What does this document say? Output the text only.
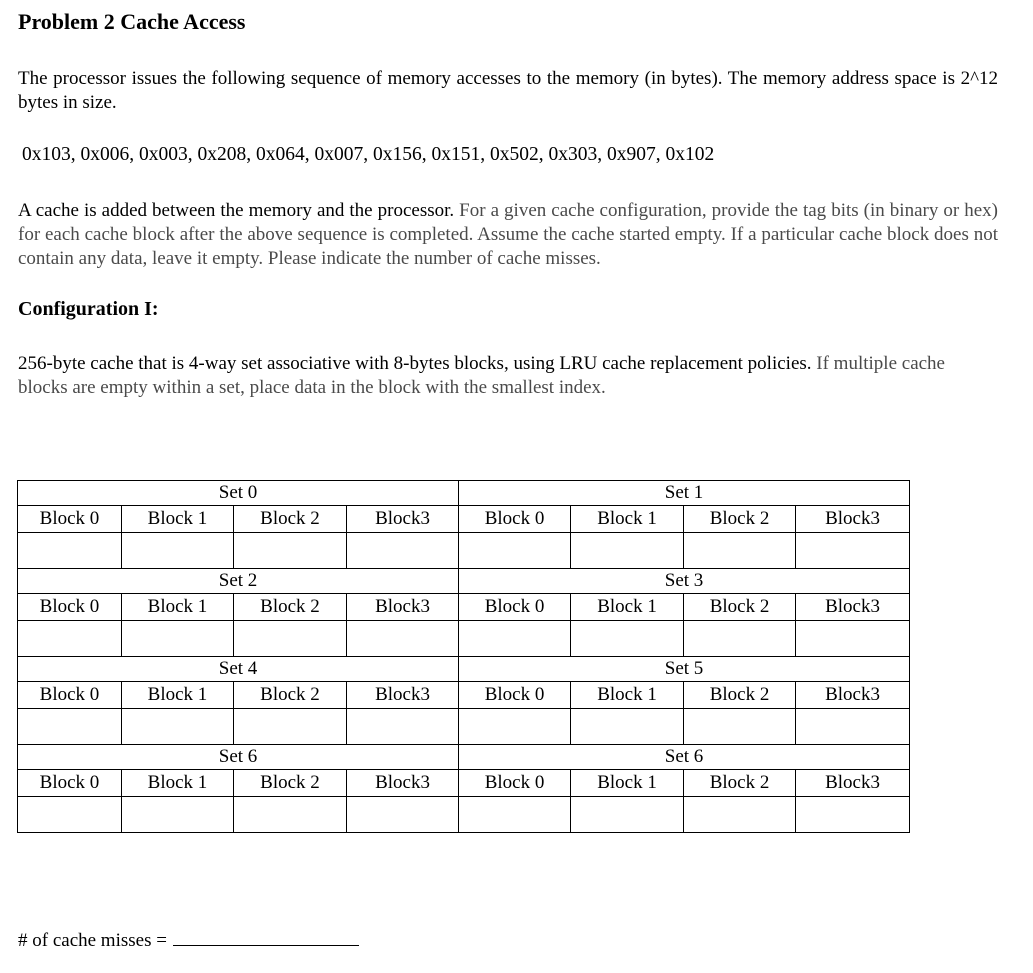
Problem 2 Cache Access
The processor issues the following sequence of memory accesses to the memory (in bytes). The memory address space is 2^12 bytes in size.
0x103, 0x006, 0x003, 0x208, 0x064, 0x007, 0x156, 0x151, 0x502, 0x303, 0x907, 0x102
A cache is added between the memory and the processor. For a given cache configuration, provide the tag bits (in binary or hex) for each cache block after the above sequence is completed. Assume the cache started empty. If a particular cache block does not contain any data, leave it empty. Please indicate the number of cache misses.
Configuration I:
256-byte cache that is 4-way set associative with 8-bytes blocks, using LRU cache replacement policies. If multiple cache blocks are empty within a set, place data in the block with the smallest index.
Set 0				Set 1			
Block 0	Block 1	Block 2	Block3	Block 0	Block 1	Block 2	Block3

Set 2				Set 3			
Block 0	Block 1	Block 2	Block3	Block 0	Block 1	Block 2	Block3

Set 4				Set 5			
Block 0	Block 1	Block 2	Block3	Block 0	Block 1	Block 2	Block3

Set 6				Set 6			
Block 0	Block 1	Block 2	Block3	Block 0	Block 1	Block 2	Block3

# of cache misses =
